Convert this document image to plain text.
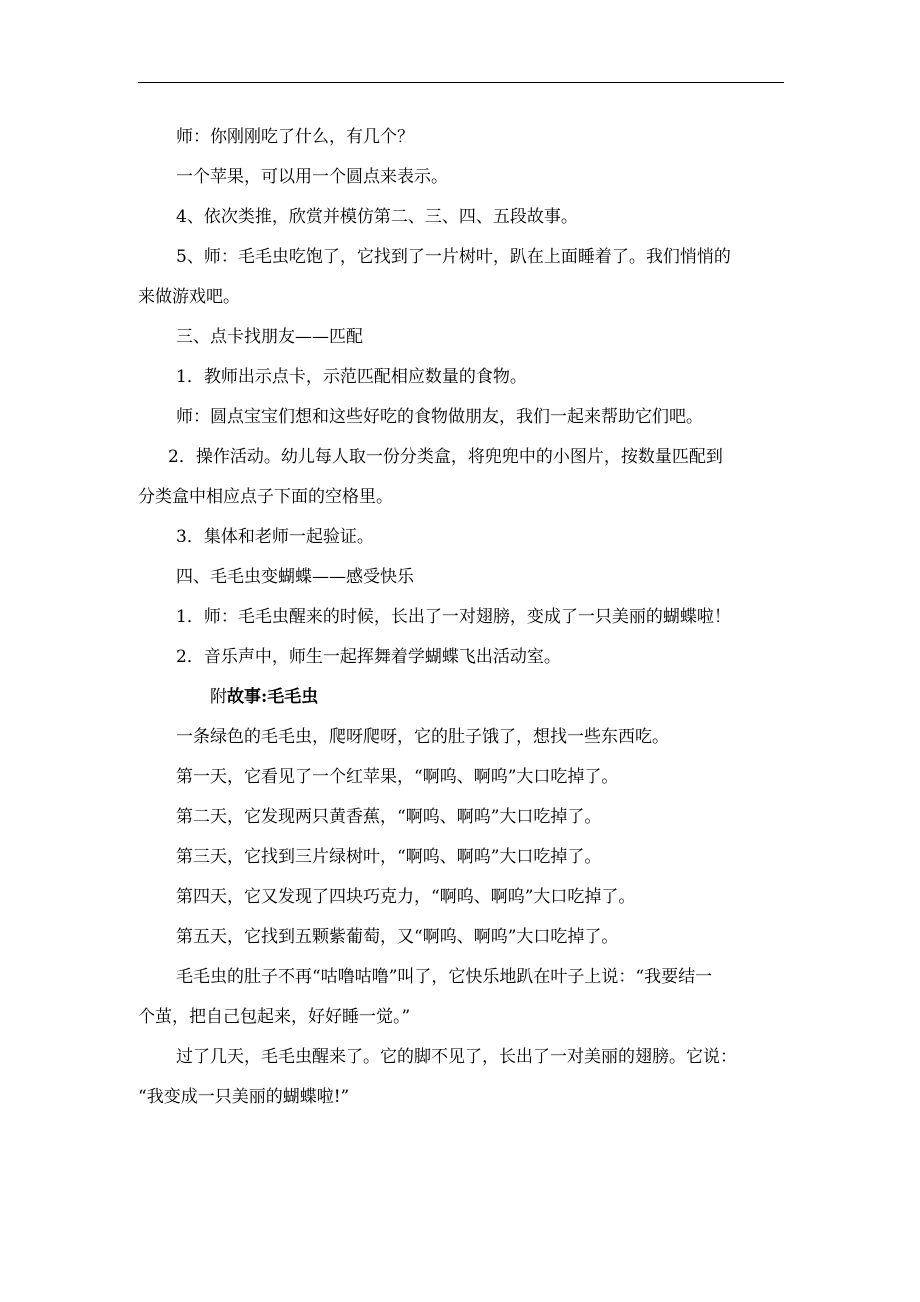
师：你刚刚吃了什么，有几个？
一个苹果，可以用一个圆点来表示。
4、依次类推，欣赏并模仿第二、三、四、五段故事。
5、师：毛毛虫吃饱了，它找到了一片树叶，趴在上面睡着了。我们悄悄的
来做游戏吧。
三、点卡找朋友——匹配
1．教师出示点卡，示范匹配相应数量的食物。
师：圆点宝宝们想和这些好吃的食物做朋友，我们一起来帮助它们吧。
2．操作活动。幼儿每人取一份分类盒，将兜兜中的小图片，按数量匹配到
分类盒中相应点子下面的空格里。
3．集体和老师一起验证。
四、毛毛虫变蝴蝶——感受快乐
1．师：毛毛虫醒来的时候，长出了一对翅膀，变成了一只美丽的蝴蝶啦！
2．音乐声中，师生一起挥舞着学蝴蝶飞出活动室。
附故事:毛毛虫
一条绿色的毛毛虫，爬呀爬呀，它的肚子饿了，想找一些东西吃。
第一天，它看见了一个红苹果，“啊呜、啊呜”大口吃掉了。
第二天，它发现两只黄香蕉，“啊呜、啊呜”大口吃掉了。
第三天，它找到三片绿树叶，“啊呜、啊呜”大口吃掉了。
第四天，它又发现了四块巧克力，“啊呜、啊呜”大口吃掉了。
第五天，它找到五颗紫葡萄，又“啊呜、啊呜”大口吃掉了。
毛毛虫的肚子不再“咕噜咕噜”叫了，它快乐地趴在叶子上说：“我要结一
个茧，把自己包起来，好好睡一觉。”
过了几天，毛毛虫醒来了。它的脚不见了，长出了一对美丽的翅膀。它说：
“我变成一只美丽的蝴蝶啦!”
